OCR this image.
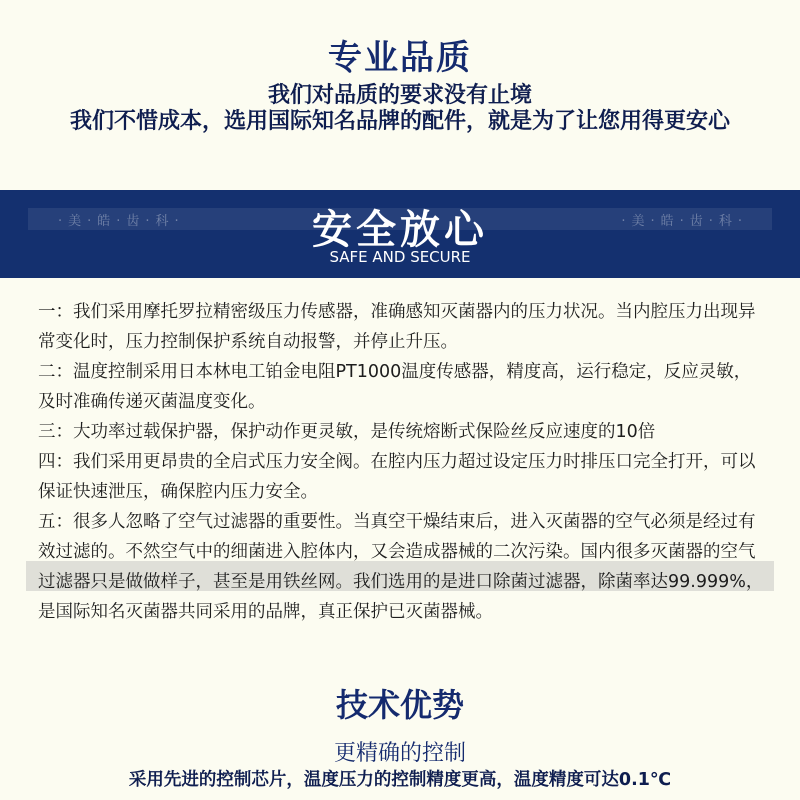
专业品质
我们对品质的要求没有止境
我们不惜成本，选用国际知名品牌的配件，就是为了让您用得更安心
·美·皓·齿·科·	·美·皓·齿·科·
安全放心
SAFE AND SECURE

一：我们采用摩托罗拉精密级压力传感器，准确感知灭菌器内的压力状况。当内腔压力出现异常变化时，压力控制保护系统自动报警，并停止升压。

二：温度控制采用日本林电工铂金电阻PT1000温度传感器，精度高，运行稳定，反应灵敏，及时准确传递灭菌温度变化。

三：大功率过载保护器，保护动作更灵敏，是传统熔断式保险丝反应速度的10倍

四：我们采用更昂贵的全启式压力安全阀。在腔内压力超过设定压力时排压口完全打开，可以保证快速泄压，确保腔内压力安全。

五：很多人忽略了空气过滤器的重要性。当真空干燥结束后，进入灭菌器的空气必须是经过有效过滤的。不然空气中的细菌进入腔体内，又会造成器械的二次污染。国内很多灭菌器的空气过滤器只是做做样子，甚至是用铁丝网。我们选用的是进口除菌过滤器，除菌率达99.999%，是国际知名灭菌器共同采用的品牌，真正保护已灭菌器械。

技术优势
更精确的控制
采用先进的控制芯片，温度压力的控制精度更高，温度精度可达0.1℃
